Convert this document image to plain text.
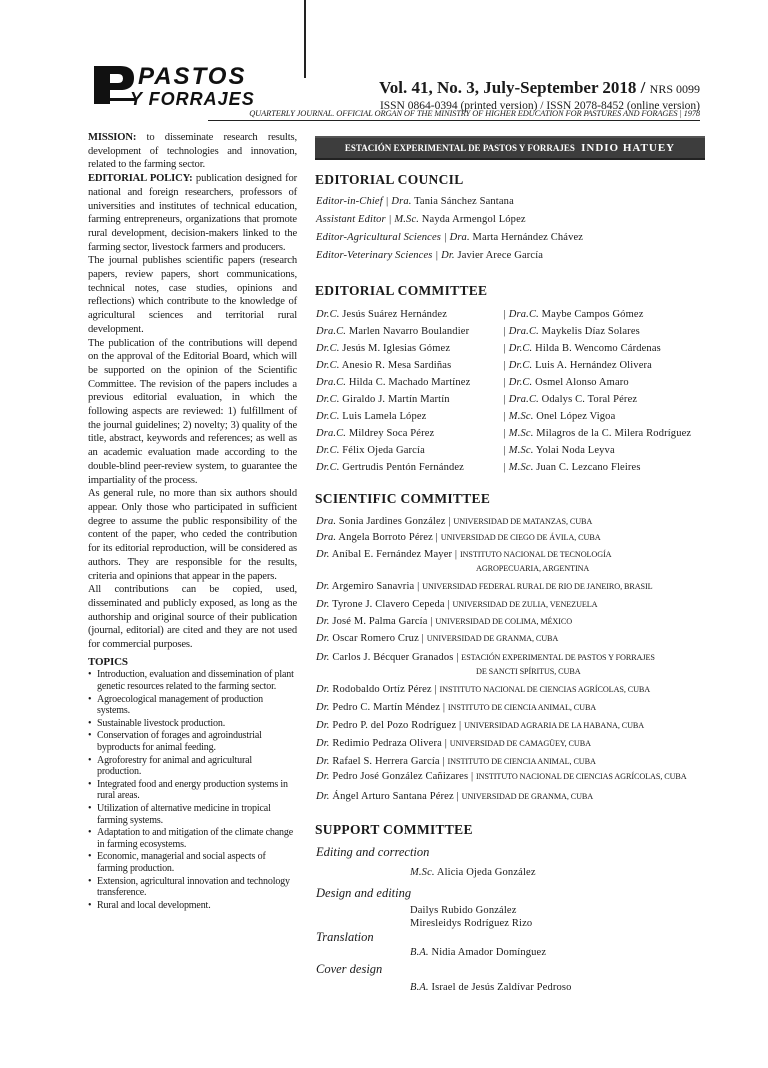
PASTOS
Y FORRAJES
Vol. 41, No. 3, July-September 2018 / NRS 0099
ISSN 0864-0394 (printed version) / ISSN 2078-8452 (online version)
QUARTERLY JOURNAL. OFFICIAL ORGAN OF THE MINISTRY OF HIGHER EDUCATION FOR PASTURES AND FORAGES | 1978

MISSION: to disseminate research results, development of technologies and innovation, related to the farming sector.

EDITORIAL POLICY: publication designed for national and foreign researchers, professors of universities and institutes of technical education, farming entrepreneurs, organizations that promote rural development, decision-makers linked to the farming sector, livestock farmers and producers.

The journal publishes scientific papers (research papers, review papers, short communications, technical notes, case studies, opinions and reflections) which contribute to the knowledge of agricultural sciences and territorial rural development.

The publication of the contributions will depend on the approval of the Editorial Board, which will be supported on the opinion of the Scientific Committee. The revision of the papers includes a previous editorial evaluation, in which the following aspects are reviewed: 1) fulfillment of the journal guidelines; 2) novelty; 3) quality of the title, abstract, keywords and references; as well as an academic evaluation made according to the double-blind peer-review system, to guarantee the impartiality of the process.

As general rule, no more than six authors should appear. Only those who participated in sufficient degree to assume the public responsibility of the content of the paper, who ceded the contribution for its editorial reproduction, will be considered as authors. They are responsible for the results, criteria and opinions that appear in the papers.

All contributions can be copied, used, disseminated and publicly exposed, as long as the authorship and original source of their publication (journal, editorial) are cited and they are not used for commercial purposes.

TOPICS
• Introduction, evaluation and dissemination of plant genetic resources related to the farming sector.
• Agroecological management of production systems.
• Sustainable livestock production.
• Conservation of forages and agroindustrial byproducts for animal feeding.
• Agroforestry for animal and agricultural production.
• Integrated food and energy production systems in rural areas.
• Utilization of alternative medicine in tropical farming systems.
• Adaptation to and mitigation of the climate change in farming ecosystems.
• Economic, managerial and social aspects of farming production.
• Extension, agricultural innovation and technology transference.
• Rural and local development.
ESTACIÓN EXPERIMENTAL DE PASTOS Y FORRAJES INDIO HATUEY
EDITORIAL COUNCIL
Editor-in-Chief | Dra. Tania Sánchez Santana
Assistant Editor | M.Sc. Nayda Armengol López
Editor-Agricultural Sciences | Dra. Marta Hernández Chávez
Editor-Veterinary Sciences | Dr. Javier Arece García
EDITORIAL COMMITTEE
Dr.C. Jesús Suárez Hernández
Dra.C. Marlen Navarro Boulandier
Dr.C. Jesús M. Iglesias Gómez
Dr.C. Anesio R. Mesa Sardiñas
Dra.C. Hilda C. Machado Martínez
Dr.C. Giraldo J. Martín Martín
Dr.C. Luis Lamela López
Dra.C. Mildrey Soca Pérez
Dr.C. Félix Ojeda García
Dr.C. Gertrudis Pentón Fernández
| Dra.C. Maybe Campos Gómez
| Dra.C. Maykelis Díaz Solares
| Dr.C. Hilda B. Wencomo Cárdenas
| Dr.C. Luis A. Hernández Olivera
| Dr.C. Osmel Alonso Amaro
| Dra.C. Odalys C. Toral Pérez
| M.Sc. Onel López Vigoa
| M.Sc. Milagros de la C. Milera Rodríguez
| M.Sc. Yolai Noda Leyva
| M.Sc. Juan C. Lezcano Fleires
SCIENTIFIC COMMITTEE
Dra. Sonia Jardines González | UNIVERSIDAD DE MATANZAS, CUBA
Dra. Angela Borroto Pérez | UNIVERSIDAD DE CIEGO DE ÁVILA, CUBA
Dr. Aníbal E. Fernández Mayer | INSTITUTO NACIONAL DE TECNOLOGÍA
AGROPECUARIA, ARGENTINA
Dr. Argemiro Sanavria | UNIVERSIDAD FEDERAL RURAL DE RIO DE JANEIRO, BRASIL
Dr. Tyrone J. Clavero Cepeda | UNIVERSIDAD DE ZULIA, VENEZUELA
Dr. José M. Palma García | UNIVERSIDAD DE COLIMA, MÉXICO
Dr. Oscar Romero Cruz | UNIVERSIDAD DE GRANMA, CUBA
Dr. Carlos J. Bécquer Granados | ESTACIÓN EXPERIMENTAL DE PASTOS Y FORRAJES
DE SANCTI SPÍRITUS, CUBA
Dr. Rodobaldo Ortíz Pérez | INSTITUTO NACIONAL DE CIENCIAS AGRÍCOLAS, CUBA
Dr. Pedro C. Martín Méndez | INSTITUTO DE CIENCIA ANIMAL, CUBA
Dr. Pedro P. del Pozo Rodríguez | UNIVERSIDAD AGRARIA DE LA HABANA, CUBA
Dr. Redimio Pedraza Olivera | UNIVERSIDAD DE CAMAGÜEY, CUBA
Dr. Rafael S. Herrera García | INSTITUTO DE CIENCIA ANIMAL, CUBA
Dr. Pedro José González Cañizares | INSTITUTO NACIONAL DE CIENCIAS AGRÍCOLAS, CUBA
Dr. Ángel Arturo Santana Pérez | UNIVERSIDAD DE GRANMA, CUBA
SUPPORT COMMITTEE
Editing and correction
M.Sc. Alicia Ojeda González
Design and editing
Dailys Rubido González
Miresleidys Rodríguez Rizo
Translation
B.A. Nidia Amador Domínguez
Cover design
B.A. Israel de Jesús Zaldívar Pedroso
